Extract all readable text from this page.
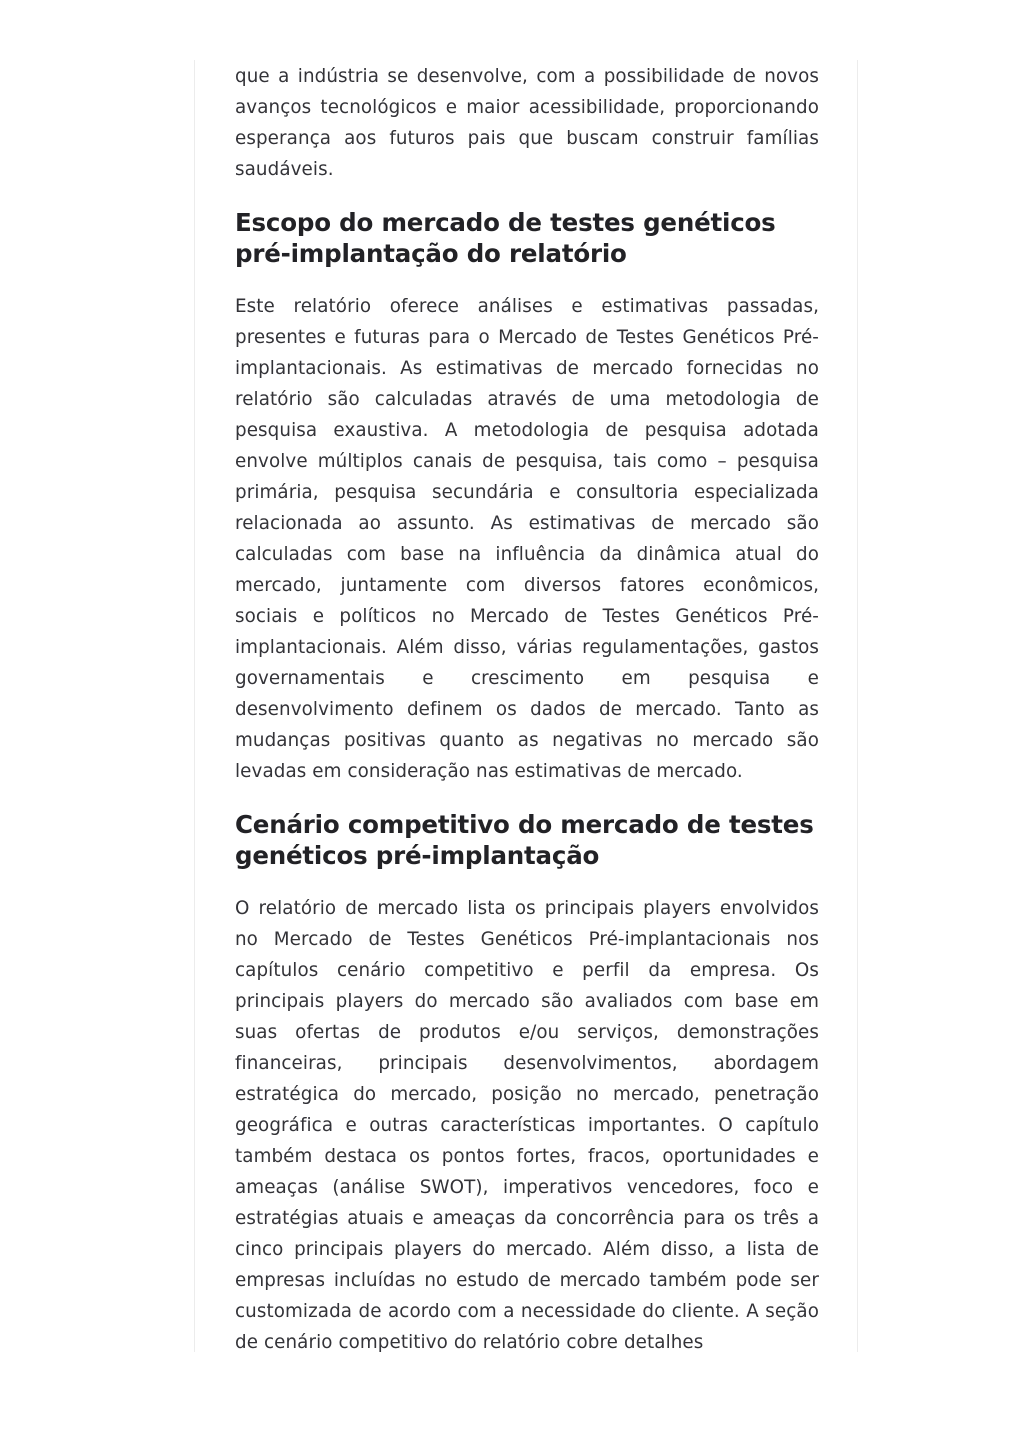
que a indústria se desenvolve, com a possibilidade de novos avanços tecnológicos e maior acessibilidade, proporcionando esperança aos futuros pais que buscam construir famílias saudáveis.

Escopo do mercado de testes genéticos pré-implantação do relatório

Este relatório oferece análises e estimativas passadas, presentes e futuras para o Mercado de Testes Genéticos Pré-implantacionais. As estimativas de mercado fornecidas no relatório são calculadas através de uma metodologia de pesquisa exaustiva. A metodologia de pesquisa adotada envolve múltiplos canais de pesquisa, tais como – pesquisa primária, pesquisa secundária e consultoria especializada relacionada ao assunto. As estimativas de mercado são calculadas com base na influência da dinâmica atual do mercado, juntamente com diversos fatores econômicos, sociais e políticos no Mercado de Testes Genéticos Pré-implantacionais. Além disso, várias regulamentações, gastos governamentais e crescimento em pesquisa e desenvolvimento definem os dados de mercado. Tanto as mudanças positivas quanto as negativas no mercado são levadas em consideração nas estimativas de mercado.

Cenário competitivo do mercado de testes genéticos pré-implantação

O relatório de mercado lista os principais players envolvidos no Mercado de Testes Genéticos Pré-implantacionais nos capítulos cenário competitivo e perfil da empresa. Os principais players do mercado são avaliados com base em suas ofertas de produtos e/ou serviços, demonstrações financeiras, principais desenvolvimentos, abordagem estratégica do mercado, posição no mercado, penetração geográfica e outras características importantes. O capítulo também destaca os pontos fortes, fracos, oportunidades e ameaças (análise SWOT), imperativos vencedores, foco e estratégias atuais e ameaças da concorrência para os três a cinco principais players do mercado. Além disso, a lista de empresas incluídas no estudo de mercado também pode ser customizada de acordo com a necessidade do cliente. A seção de cenário competitivo do relatório cobre detalhes
